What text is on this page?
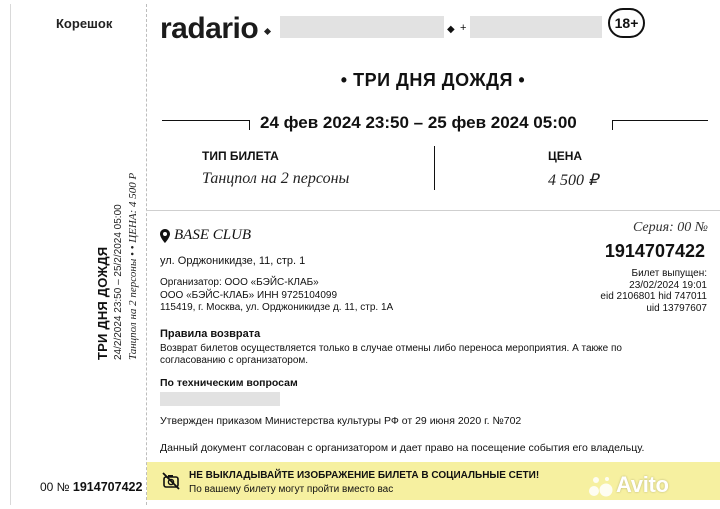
Корешок
ТРИ ДНЯ ДОЖДЯ 24/2/2024 23:50 – 25/2/2024 05:00 Танцпол на 2 персоны • • ЦЕНА: 4 500 Р
00 № 1914707422
radario	◆ +	18+
• ТРИ ДНЯ ДОЖДЯ •
24 фев 2024 23:50 – 25 фев 2024 05:00
ТИП БИЛЕТА
Танцпол на 2 персоны
ЦЕНА
4 500 ₽
BASE CLUB
ул. Орджоникидзе, 11, стр. 1
Организатор: ООО «БЭЙС-КЛАБ»
ООО «БЭЙС-КЛАБ» ИНН 9725104099
115419, г. Москва, ул. Орджоникидзе д. 11, стр. 1А
Серия: 00 №
1914707422
Билет выпущен:
23/02/2024 19:01
eid 2106801 hid 747011
uid 13797607
Правила возврата
Возврат билетов осуществляется только в случае отмены либо переноса мероприятия. А также по согласованию с организатором.
По техническим вопросам
Утвержден приказом Министерства культуры РФ от 29 июня 2020 г. №702
Данный документ согласован с организатором и дает право на посещение события его владельцу.
НЕ ВЫКЛАДЫВАЙТЕ ИЗОБРАЖЕНИЕ БИЛЕТА В СОЦИАЛЬНЫЕ СЕТИ!
По вашему билету могут пройти вместо вас	Avito
